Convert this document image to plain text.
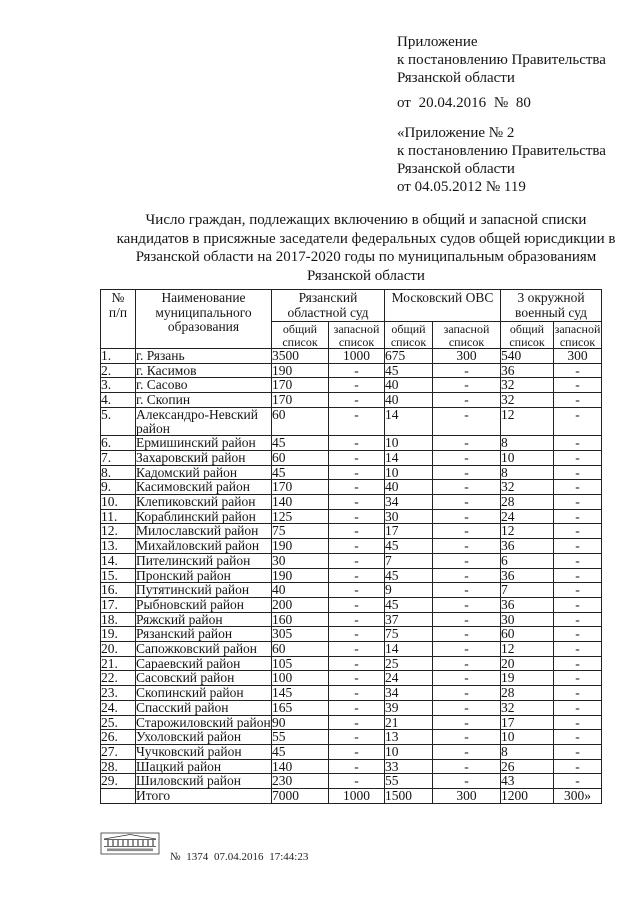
Приложение
к постановлению Правительства
Рязанской области
от 20.04.2016 № 80
«Приложение № 2
к постановлению Правительства
Рязанской области
от 04.05.2012 № 119
Число граждан, подлежащих включению в общий и запасной списки
кандидатов в присяжные заседатели федеральных судов общей юрисдикции в
Рязанской области на 2017-2020 годы по муниципальным образованиям
Рязанской области
№
п/п	Наименование муниципального образования	Рязанский областной суд		Московский ОВС		3 окружной военный суд	
		общий список	запасной список	общий список	запасной список	общий список	запасной список
1.	г. Рязань	3500	1000	675	300	540	300
2.	г. Касимов	190	-	45	-	36	-
3.	г. Сасово	170	-	40	-	32	-
4.	г. Скопин	170	-	40	-	32	-
5.	Александро-Невский район	60	-	14	-	12	-
6.	Ермишинский район	45	-	10	-	8	-
7.	Захаровский район	60	-	14	-	10	-
8.	Кадомский район	45	-	10	-	8	-
9.	Касимовский район	170	-	40	-	32	-
10.	Клепиковский район	140	-	34	-	28	-
11.	Кораблинский район	125	-	30	-	24	-
12.	Милославский район	75	-	17	-	12	-
13.	Михайловский район	190	-	45	-	36	-
14.	Пителинский район	30	-	7	-	6	-
15.	Пронский район	190	-	45	-	36	-
16.	Путятинский район	40	-	9	-	7	-
17.	Рыбновский район	200	-	45	-	36	-
18.	Ряжский район	160	-	37	-	30	-
19.	Рязанский район	305	-	75	-	60	-
20.	Сапожковский район	60	-	14	-	12	-
21.	Сараевский район	105	-	25	-	20	-
22.	Сасовский район	100	-	24	-	19	-
23.	Скопинский район	145	-	34	-	28	-
24.	Спасский район	165	-	39	-	32	-
25.	Старожиловский район	90	-	21	-	17	-
26.	Ухоловский район	55	-	13	-	10	-
27.	Чучковский район	45	-	10	-	8	-
28.	Шацкий район	140	-	33	-	26	-
29.	Шиловский район	230	-	55	-	43	-
	Итого	7000	1000	1500	300	1200	300»
№ 1374 07.04.2016 17:44:23
